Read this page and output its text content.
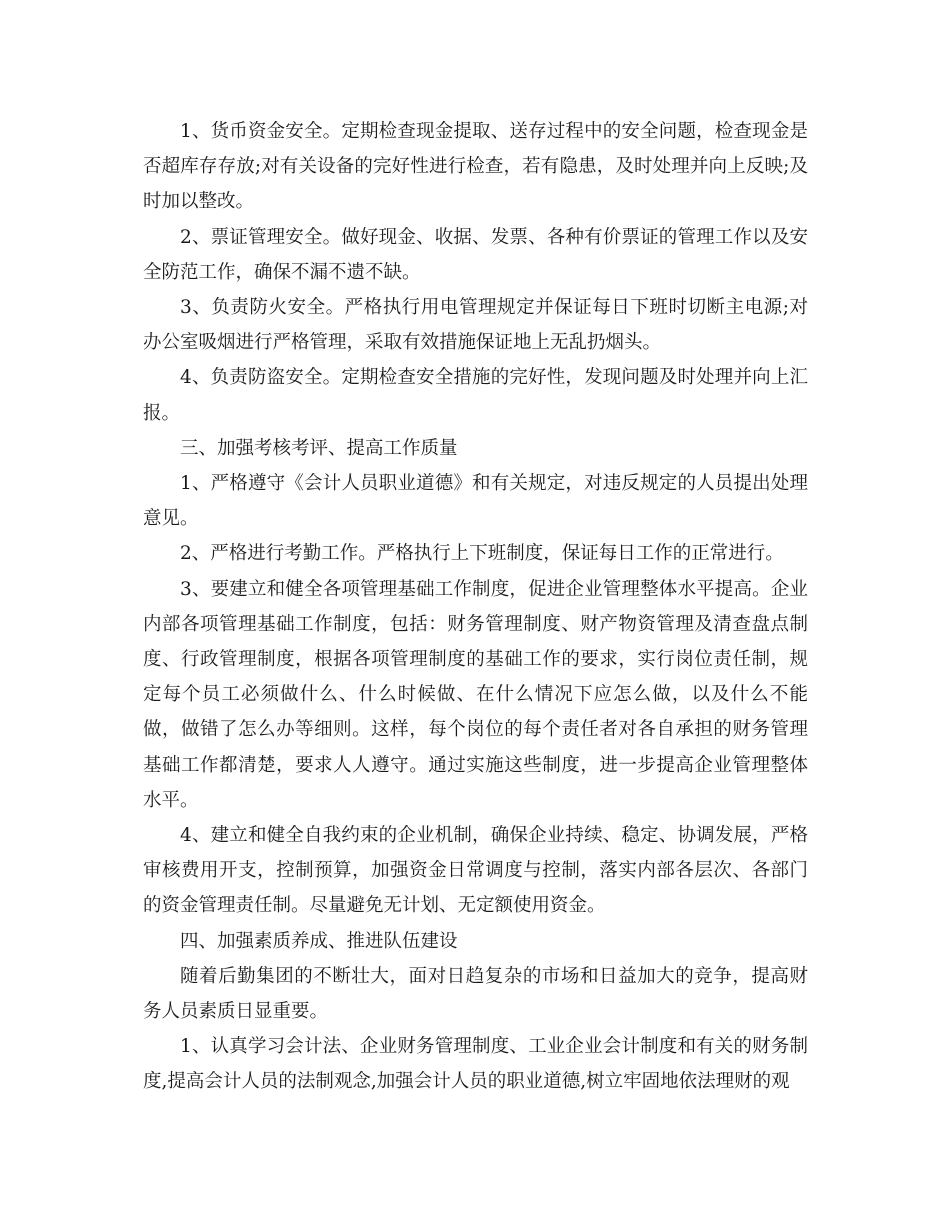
1、货币资金安全。定期检查现金提取、送存过程中的安全问题，检查现金是否超库存存放;对有关设备的完好性进行检查，若有隐患，及时处理并向上反映;及时加以整改。

2、票证管理安全。做好现金、收据、发票、各种有价票证的管理工作以及安全防范工作，确保不漏不遗不缺。

3、负责防火安全。严格执行用电管理规定并保证每日下班时切断主电源;对办公室吸烟进行严格管理，采取有效措施保证地上无乱扔烟头。

4、负责防盗安全。定期检查安全措施的完好性，发现问题及时处理并向上汇报。

三、加强考核考评、提高工作质量

1、严格遵守《会计人员职业道德》和有关规定，对违反规定的人员提出处理意见。

2、严格进行考勤工作。严格执行上下班制度，保证每日工作的正常进行。

3、要建立和健全各项管理基础工作制度，促进企业管理整体水平提高。企业内部各项管理基础工作制度，包括：财务管理制度、财产物资管理及清查盘点制度、行政管理制度，根据各项管理制度的基础工作的要求，实行岗位责任制，规定每个员工必须做什么、什么时候做、在什么情况下应怎么做，以及什么不能做，做错了怎么办等细则。这样，每个岗位的每个责任者对各自承担的财务管理基础工作都清楚，要求人人遵守。通过实施这些制度，进一步提高企业管理整体水平。

4、建立和健全自我约束的企业机制，确保企业持续、稳定、协调发展，严格审核费用开支，控制预算，加强资金日常调度与控制，落实内部各层次、各部门的资金管理责任制。尽量避免无计划、无定额使用资金。

四、加强素质养成、推进队伍建设

随着后勤集团的不断壮大，面对日趋复杂的市场和日益加大的竞争，提高财务人员素质日显重要。

1、认真学习会计法、企业财务管理制度、工业企业会计制度和有关的财务制度,提高会计人员的法制观念,加强会计人员的职业道德,树立牢固地依法理财的观
